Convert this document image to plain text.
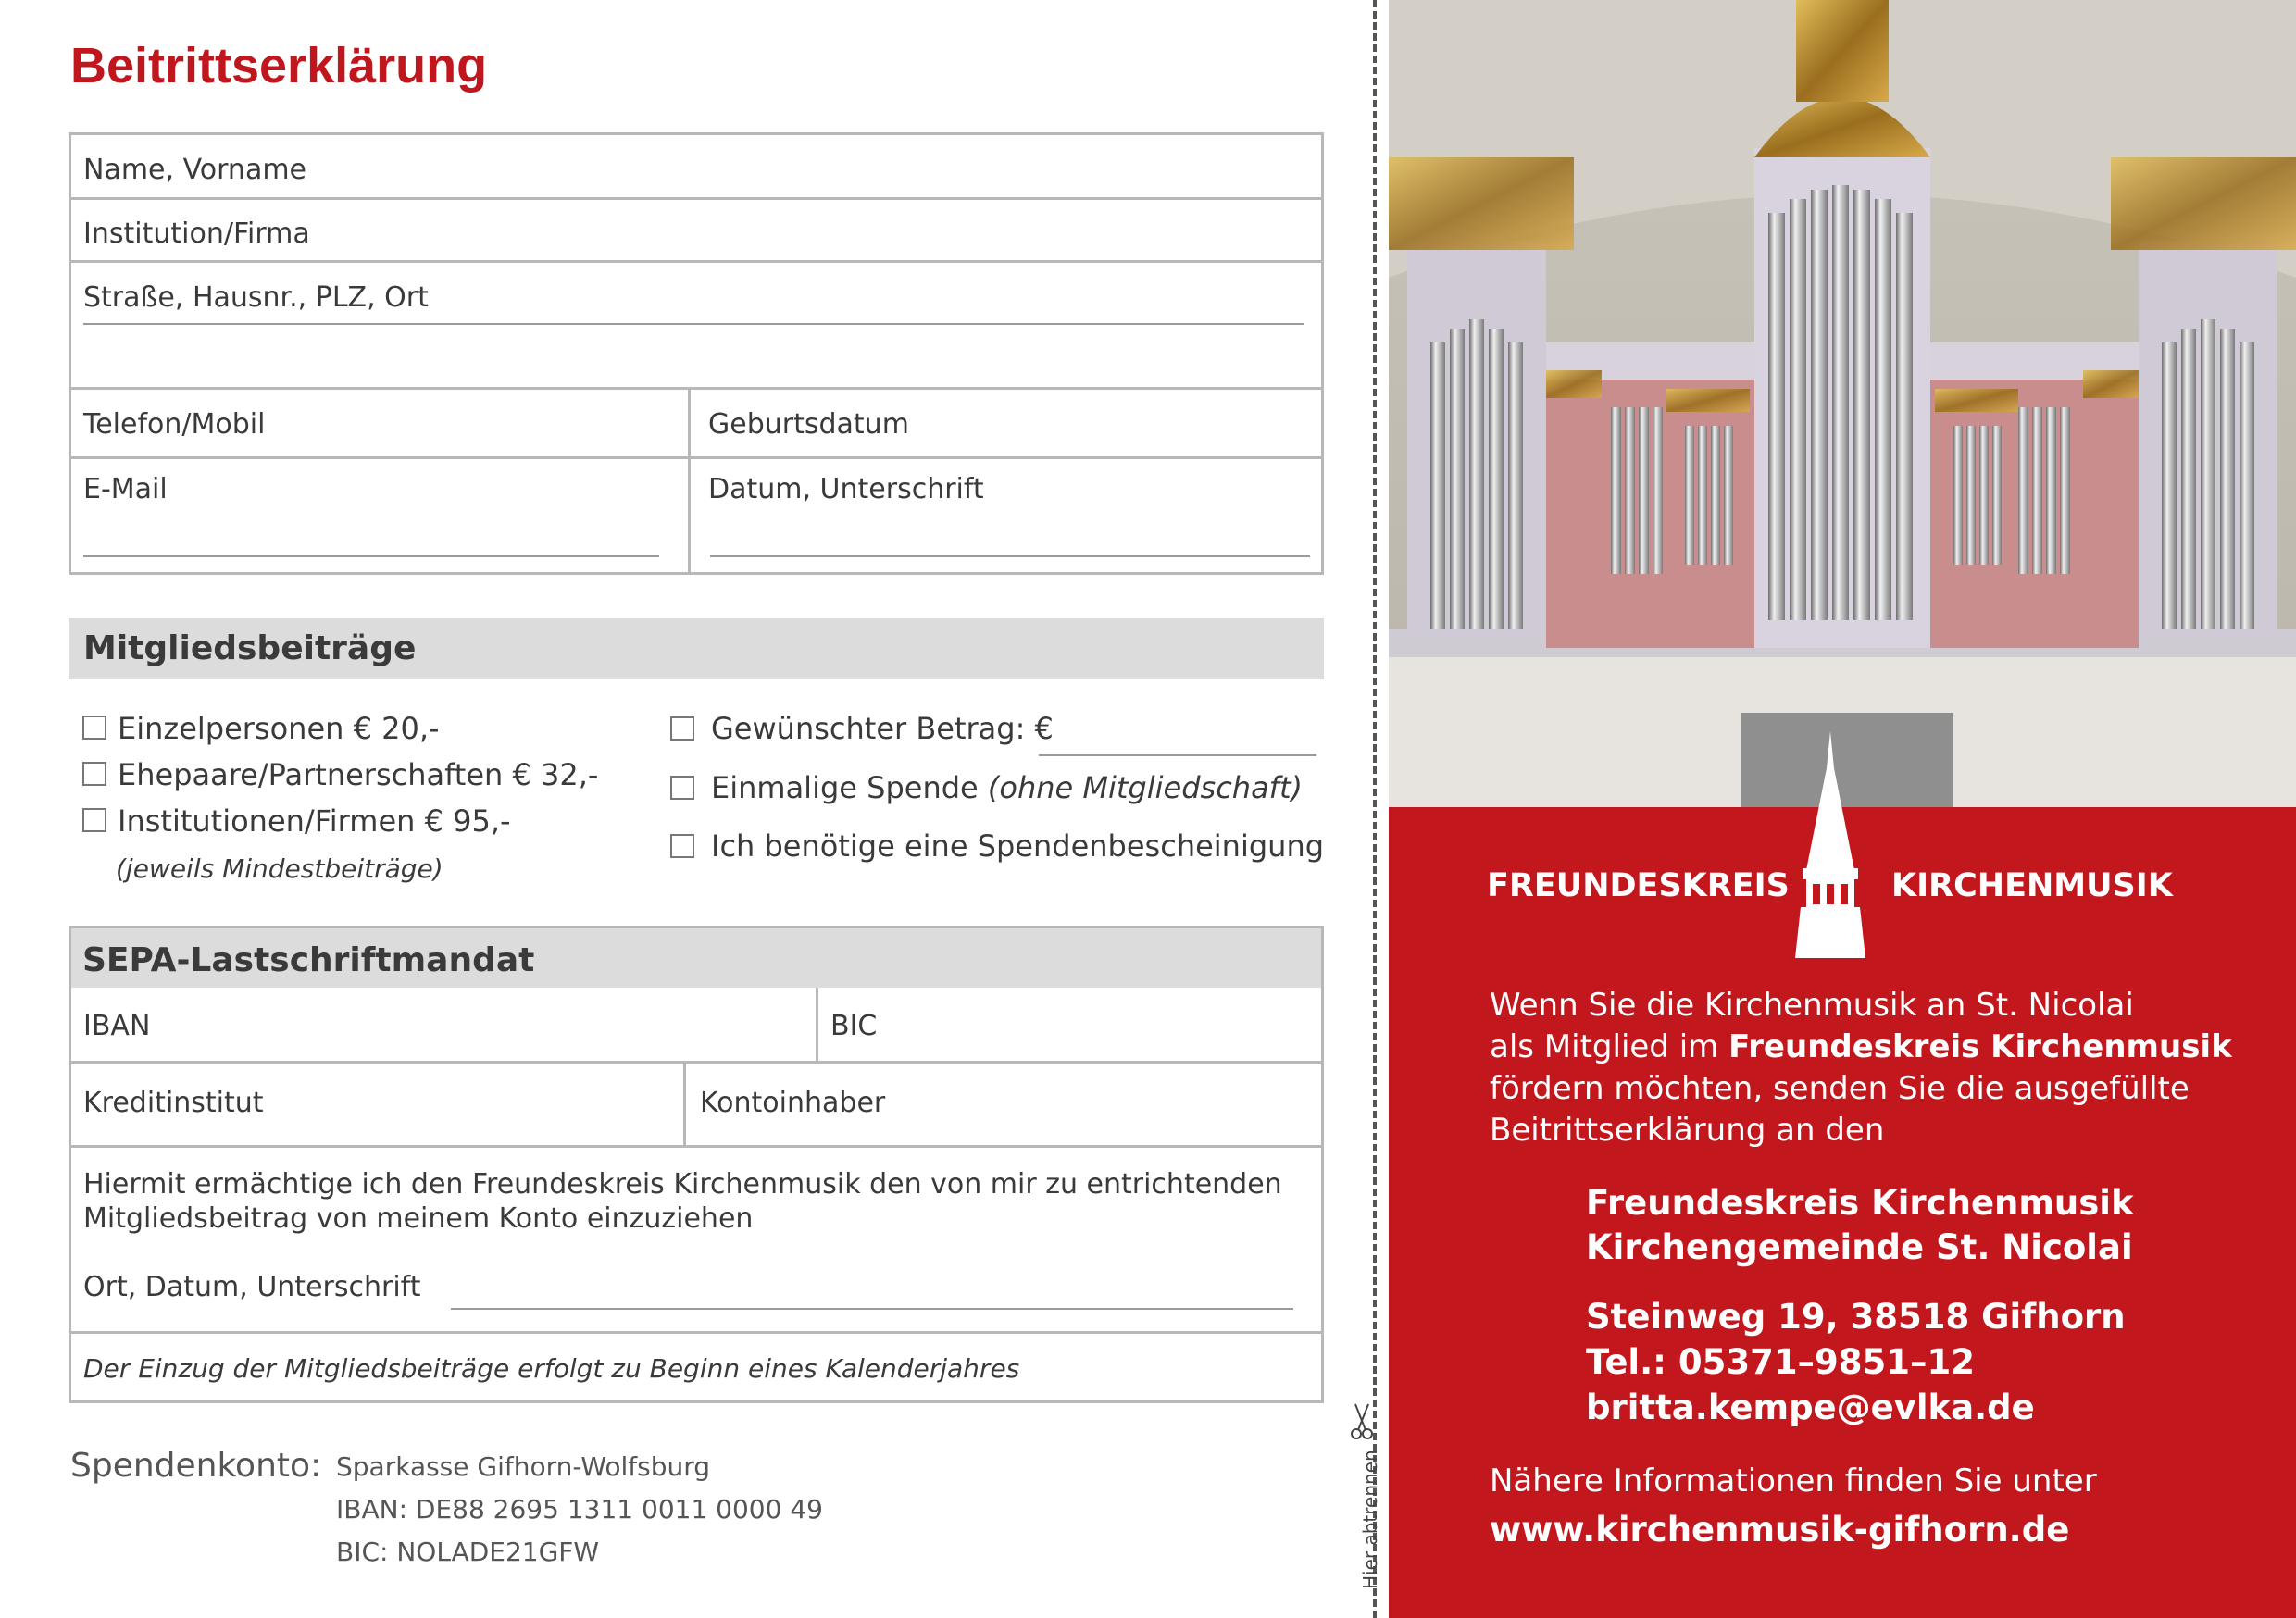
Beitrittserklärung
Name, Vorname
Institution/Firma
Straße, Hausnr., PLZ, Ort
Telefon/Mobil	Geburtsdatum
E-Mail	Datum, Unterschrift
Mitgliedsbeiträge
Einzelpersonen € 20,-
Ehepaare/Partnerschaften € 32,-
Institutionen/Firmen € 95,-
(jeweils Mindestbeiträge)
Gewünschter Betrag: €
Einmalige Spende (ohne Mitgliedschaft)
Ich benötige eine Spendenbescheinigung
SEPA-Lastschriftmandat
IBAN	BIC
Kreditinstitut	Kontoinhaber
Hiermit ermächtige ich den Freundeskreis Kirchenmusik den von mir zu entrichtenden
Mitgliedsbeitrag von meinem Konto einzuziehen
Ort, Datum, Unterschrift
Der Einzug der Mitgliedsbeiträge erfolgt zu Beginn eines Kalenderjahres
Spendenkonto: Sparkasse Gifhorn-Wolfsburg
IBAN: DE88 2695 1311 0011 0000 49
BIC: NOLADE21GFW	Hier abtrennen
FREUNDESKREIS	KIRCHENMUSIK
Wenn Sie die Kirchenmusik an St. Nicolai
als Mitglied im Freundeskreis Kirchenmusik
fördern möchten, senden Sie die ausgefüllte
Beitrittserklärung an den
Freundeskreis Kirchenmusik
Kirchengemeinde St. Nicolai
Steinweg 19, 38518 Gifhorn
Tel.: 05371–9851–12
britta.kempe@evlka.de
Nähere Informationen finden Sie unter
www.kirchenmusik-gifhorn.de
